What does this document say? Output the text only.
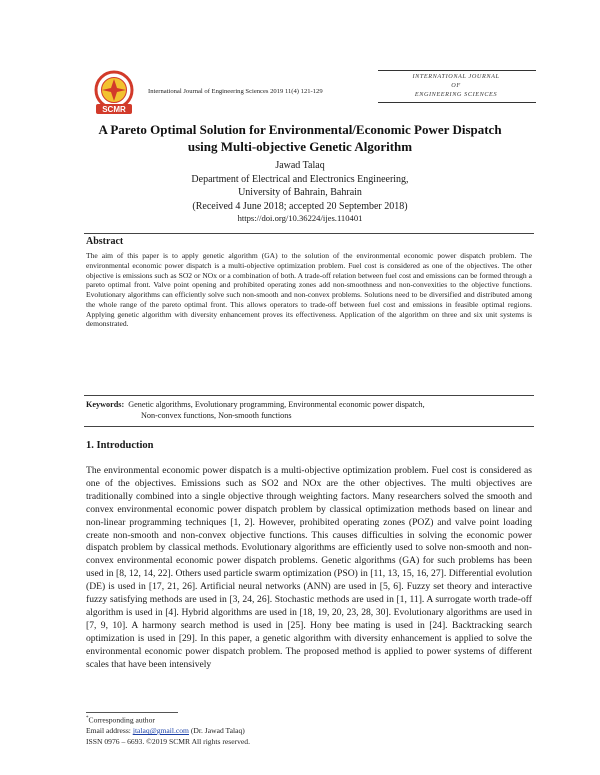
SCMR
International Journal of Engineering Sciences 2019 11(4) 121-129
INTERNATIONAL JOURNAL
OF
ENGINEERING SCIENCES
A Pareto Optimal Solution for Environmental/Economic Power Dispatch
using Multi-objective Genetic Algorithm
Jawad Talaq
Department of Electrical and Electronics Engineering,
University of Bahrain, Bahrain
(Received 4 June 2018; accepted 20 September 2018)
https://doi.org/10.36224/ijes.110401
Abstract
The aim of this paper is to apply genetic algorithm (GA) to the solution of the environmental economic power dispatch problem. The environmental economic power dispatch is a multi-objective optimization problem. Fuel cost is considered as one of the objectives. The other objective is emissions such as SO2 or NOx or a combination of both. A trade-off relation between fuel cost and emissions can be formed through a pareto optimal front. Valve point opening and prohibited operating zones add non-smoothness and non-convexities to the objective functions. Evolutionary algorithms can efficiently solve such non-smooth and non-convex problems. Solutions need to be diversified and distributed among the whole range of the pareto optimal front. This allows operators to trade-off between fuel cost and emissions in feasible optimal regions. Applying genetic algorithm with diversity enhancement proves its effectiveness. Application of the algorithm on three and six unit systems is demonstrated.
Keywords: Genetic algorithms, Evolutionary programming, Environmental economic power dispatch,
Non-convex functions, Non-smooth functions
1. Introduction
The environmental economic power dispatch is a multi-objective optimization problem. Fuel cost is considered as one of the objectives. Emissions such as SO2 and NOx are the other objectives. The multi objectives are traditionally combined into a single objective through weighting factors. Many researchers solved the smooth and convex environmental economic power dispatch problem by classical optimization methods based on linear and non-linear programming techniques [1, 2]. However, prohibited operating zones (POZ) and valve point loading create non-smooth and non-convex objective functions. This causes difficulties in solving the economic power dispatch problem by classical methods. Evolutionary algorithms are efficiently used to solve non-smooth and non-convex environmental economic power dispatch problems. Genetic algorithms (GA) for such problems has been used in [8, 12, 14, 22]. Others used particle swarm optimization (PSO) in [11, 13, 15, 16, 27]. Differential evolution (DE) is used in [17, 21, 26]. Artificial neural networks (ANN) are used in [5, 6]. Fuzzy set theory and interactive fuzzy satisfying methods are used in [3, 24, 26]. Stochastic methods are used in [1, 11]. A surrogate worth trade-off algorithm is used in [4]. Hybrid algorithms are used in [18, 19, 20, 23, 28, 30]. Evolutionary algorithms are used in [7, 9, 10]. A harmony search method is used in [25]. Hony bee mating is used in [24]. Backtracking search optimization is used in [29]. In this paper, a genetic algorithm with diversity enhancement is applied to solve the environmental economic power dispatch problem. The proposed method is applied to power systems of different scales that have been intensively
*Corresponding author
Email address: jtalaq@gmail.com (Dr. Jawad Talaq)
ISSN 0976 – 6693. ©2019 SCMR All rights reserved.
